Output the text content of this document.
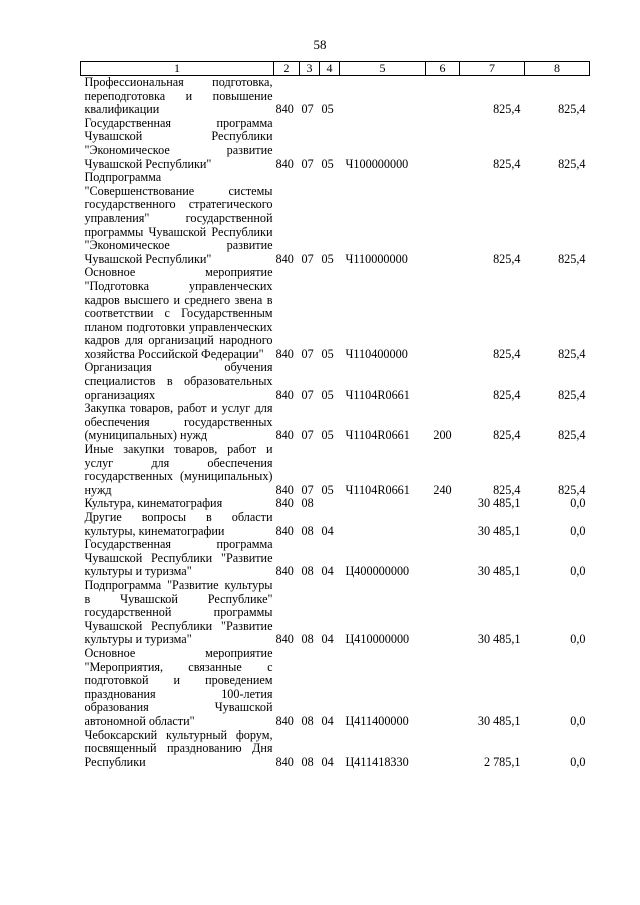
58
1	2	3	4	5	6	7	8
Профессиональная подготовка, переподготовка и повышение квалификации	840	07	05			825,4	825,4
Государственная программа Чувашской Республики "Экономическое развитие Чувашской Республики"	840	07	05	Ч100000000		825,4	825,4
Подпрограмма "Совершенствование системы государственного стратегического управления" государственной программы Чувашской Республики "Экономическое развитие Чувашской Республики"	840	07	05	Ч110000000		825,4	825,4
Основное мероприятие "Подготовка управленческих кадров высшего и среднего звена в соответствии с Государственным планом подготовки управленческих кадров для организаций народного хозяйства Российской Федерации"	840	07	05	Ч110400000		825,4	825,4
Организация обучения специалистов в образовательных организациях	840	07	05	Ч1104R0661		825,4	825,4
Закупка товаров, работ и услуг для обеспечения государственных (муниципальных) нужд	840	07	05	Ч1104R0661	200	825,4	825,4
Иные закупки товаров, работ и услуг для обеспечения государственных (муниципальных) нужд	840	07	05	Ч1104R0661	240	825,4	825,4
Культура, кинематография	840	08				30 485,1	0,0
Другие вопросы в области культуры, кинематографии	840	08	04			30 485,1	0,0
Государственная программа Чувашской Республики "Развитие культуры и туризма"	840	08	04	Ц400000000		30 485,1	0,0
Подпрограмма "Развитие культуры в Чувашской Республике" государственной программы Чувашской Республики "Развитие культуры и туризма"	840	08	04	Ц410000000		30 485,1	0,0
Основное мероприятие "Мероприятия, связанные с подготовкой и проведением празднования 100-летия образования Чувашской автономной области"	840	08	04	Ц411400000		30 485,1	0,0
Чебоксарский культурный форум, посвященный празднованию Дня Республики	840	08	04	Ц411418330		2 785,1	0,0
